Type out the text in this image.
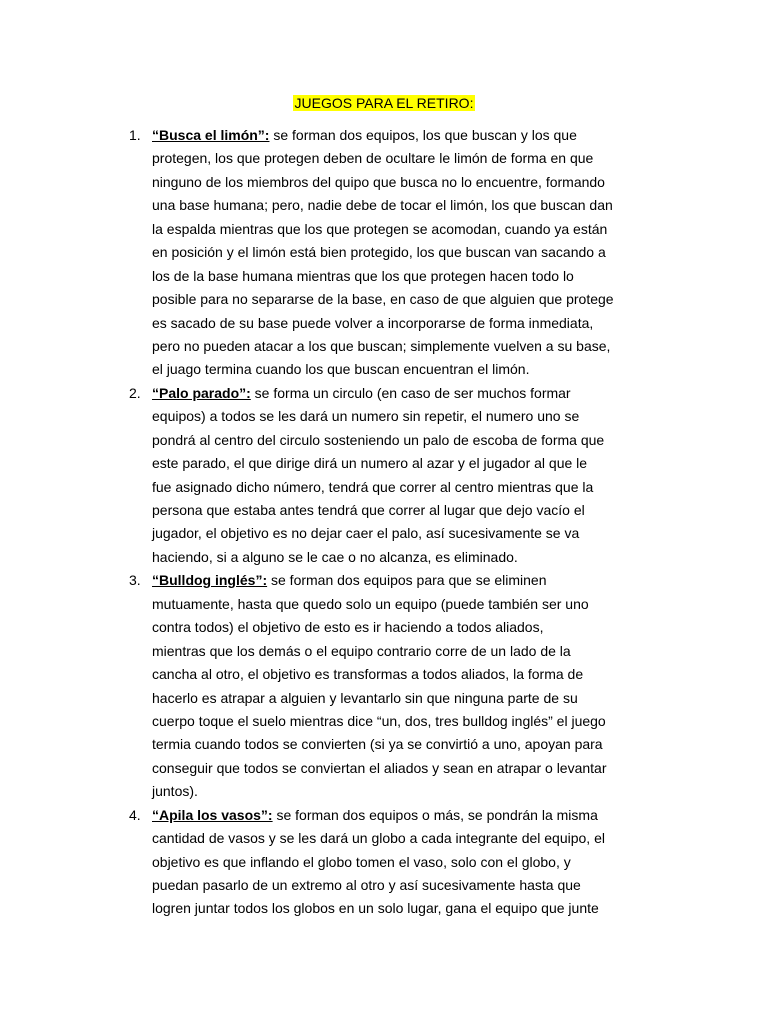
JUEGOS PARA EL RETIRO:
1. “Busca el limón”: se forman dos equipos, los que buscan y los que
protegen, los que protegen deben de ocultare le limón de forma en que
ninguno de los miembros del quipo que busca no lo encuentre, formando
una base humana; pero, nadie debe de tocar el limón, los que buscan dan
la espalda mientras que los que protegen se acomodan, cuando ya están
en posición y el limón está bien protegido, los que buscan van sacando a
los de la base humana mientras que los que protegen hacen todo lo
posible para no separarse de la base, en caso de que alguien que protege
es sacado de su base puede volver a incorporarse de forma inmediata,
pero no pueden atacar a los que buscan; simplemente vuelven a su base,
el juago termina cuando los que buscan encuentran el limón.
2. “Palo parado”: se forma un circulo (en caso de ser muchos formar
equipos) a todos se les dará un numero sin repetir, el numero uno se
pondrá al centro del circulo sosteniendo un palo de escoba de forma que
este parado, el que dirige dirá un numero al azar y el jugador al que le
fue asignado dicho número, tendrá que correr al centro mientras que la
persona que estaba antes tendrá que correr al lugar que dejo vacío el
jugador, el objetivo es no dejar caer el palo, así sucesivamente se va
haciendo, si a alguno se le cae o no alcanza, es eliminado.
3. “Bulldog inglés”: se forman dos equipos para que se eliminen
mutuamente, hasta que quedo solo un equipo (puede también ser uno
contra todos) el objetivo de esto es ir haciendo a todos aliados,
mientras que los demás o el equipo contrario corre de un lado de la
cancha al otro, el objetivo es transformas a todos aliados, la forma de
hacerlo es atrapar a alguien y levantarlo sin que ninguna parte de su
cuerpo toque el suelo mientras dice “un, dos, tres bulldog inglés” el juego
termia cuando todos se convierten (si ya se convirtió a uno, apoyan para
conseguir que todos se conviertan el aliados y sean en atrapar o levantar
juntos).
4. “Apila los vasos”: se forman dos equipos o más, se pondrán la misma
cantidad de vasos y se les dará un globo a cada integrante del equipo, el
objetivo es que inflando el globo tomen el vaso, solo con el globo, y
puedan pasarlo de un extremo al otro y así sucesivamente hasta que
logren juntar todos los globos en un solo lugar, gana el equipo que junte
